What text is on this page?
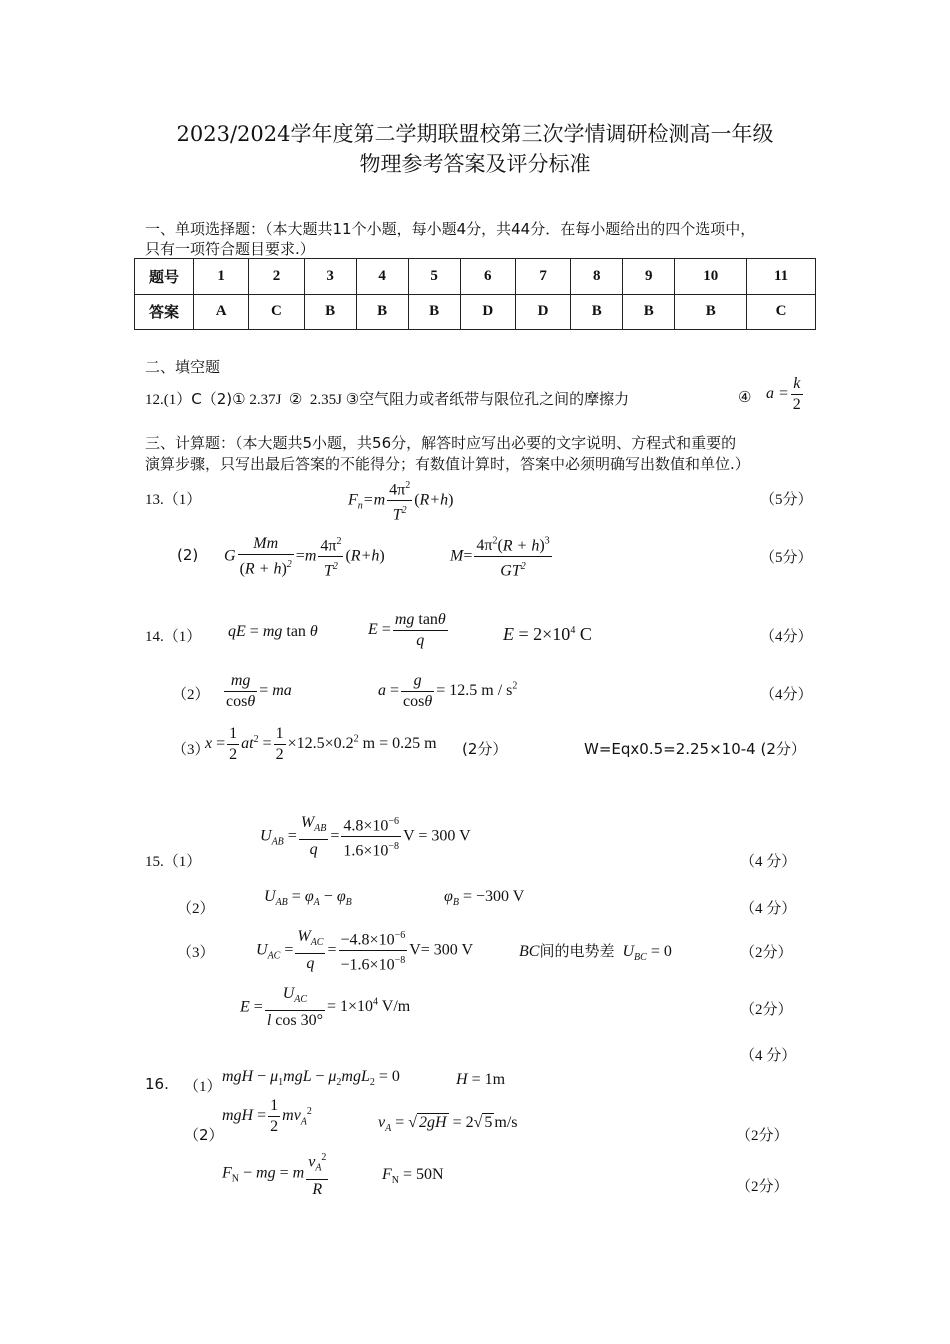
2023/2024学年度第二学期联盟校第三次学情调研检测高一年级
物理参考答案及评分标准
一、单项选择题：（本大题共11个小题，每小题4分，共44分．在每小题给出的四个选项中，
只有一项符合题目要求.）
题号	1	2	3	4	5	6	7	8	9	10	11
答案	A	C	B	B	B	D	D	B	B	B	C
二、填空题
12.(1）C（2)① 2.37J ② 2.35J ③空气阻力或者纸带与限位孔之间的摩擦力	④ $a = \frac{k}{2}$
三、计算题：（本大题共5小题，共56分，解答时应写出必要的文字说明、方程式和重要的
演算步骤，只写出最后答案的不能得分；有数值计算时，答案中必须明确写出数值和单位.）
13.（1）	$F_n=m \frac{4\pi^2}{T^2} (R+h)$	（5分）
(2) G $\frac{Mm}{(R + h)^2} =m \frac{4\pi^2}{T^2} (R+h)$	$M= \frac{4\pi^2(R + h)^3}{GT^2}$	（5分）
14.（1） qE = mg tan θ	$E = \frac{\text{mg tanθ}}{q}$	$E = 2\times 10^4$ C	（4分）
$(2) \frac{mg}{\cos\theta}$ = ma	$a = \frac{g}{\cos\theta} = 12.5$ m / $s^2$
（4分）
（3）
$x = \frac{1}{2} at^2 = \frac{1}{2} \times 12.5\times 0.2^2$ m = 0.25 m (2分）	W=Eqx0.5=2.25×10-4 (2分）
$U_{AB} = \frac{W_{AB}}{q} = \frac{4.8\times 10^{-6}}{1.6\times 10^{-8}}$ V = 300 V
15.（1）	（4 分）
（2）
$U_{AB} = \varphi_A - \varphi_B$	$\varphi_B = -300$ V
（4 分）
（3）	$U_{AC} = \frac{W_{AC}}{q} = \frac{-4.8\times 10^{-6}}{-1.6\times 10^{-8}} V= 300$ V	BC间的电势差  $U_{BC} = 0$	（2分）
$E = \frac{U_{AC}}{\text{l cos 30°}} = 1\times 10^4$ V/m	（2分）
（4 分）
16. （1）
mgH − $\mu_1mgL - \mu_2mgL_2 = 0$	H = 1m
（2）
mgH = $\frac{1}{2} mv_A^2$
$v_A$ = √ 2gH = 2√ 5 m/s
（2分）
$F_N$ − mg = m $\frac{v_A^2}{R}$	$F_N = 50N$
（2分）
